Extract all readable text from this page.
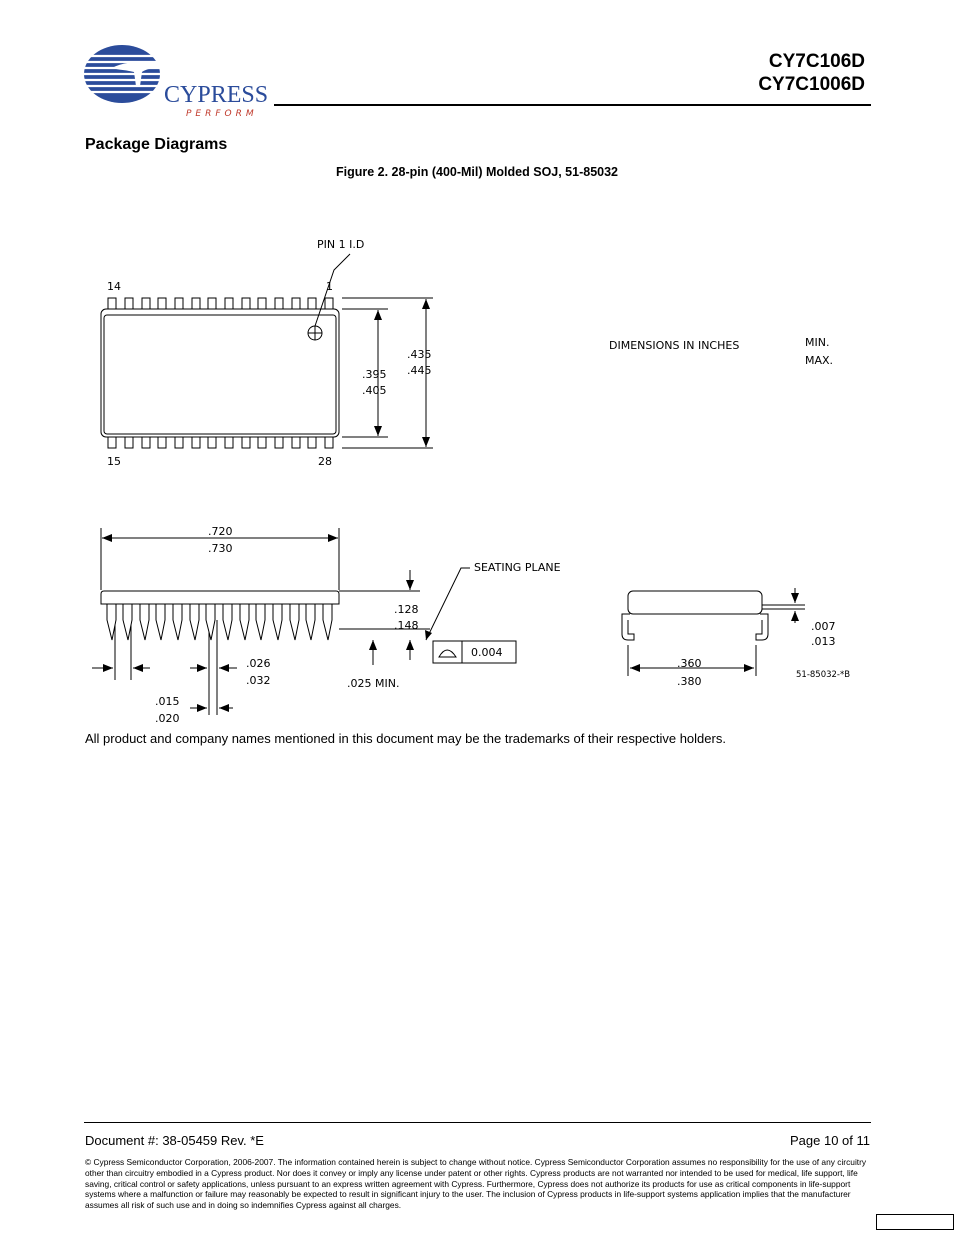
CYPRESS
PERFORM
CY7C106D
CY7C1006D
Package Diagrams
Figure 2. 28-pin (400-Mil) Molded SOJ, 51-85032
PIN 1 I.D
14	1
15	28
.395
.405
.435
.445
DIMENSIONS IN INCHES	MIN.
MAX.
.720
.730
SEATING PLANE
.128
.148
0.004
.026
.032	.025 MIN.
.015
.020
.360
.380
.007
.013
51-85032-*B
All product and company names mentioned in this document may be the trademarks of their respective holders.
Document #: 38-05459 Rev. *E	Page 10 of 11
© Cypress Semiconductor Corporation, 2006-2007. The information contained herein is subject to change without notice. Cypress Semiconductor Corporation assumes no responsibility for the use of any circuitry other than circuitry embodied in a Cypress product. Nor does it convey or imply any license under patent or other rights. Cypress products are not warranted nor intended to be used for medical, life support, life saving, critical control or safety applications, unless pursuant to an express written agreement with Cypress. Furthermore, Cypress does not authorize its products for use as critical components in life-support systems where a malfunction or failure may reasonably be expected to result in significant injury to the user. The inclusion of Cypress products in life-support systems application implies that the manufacturer assumes all risk of such use and in doing so indemnifies Cypress against all charges.
